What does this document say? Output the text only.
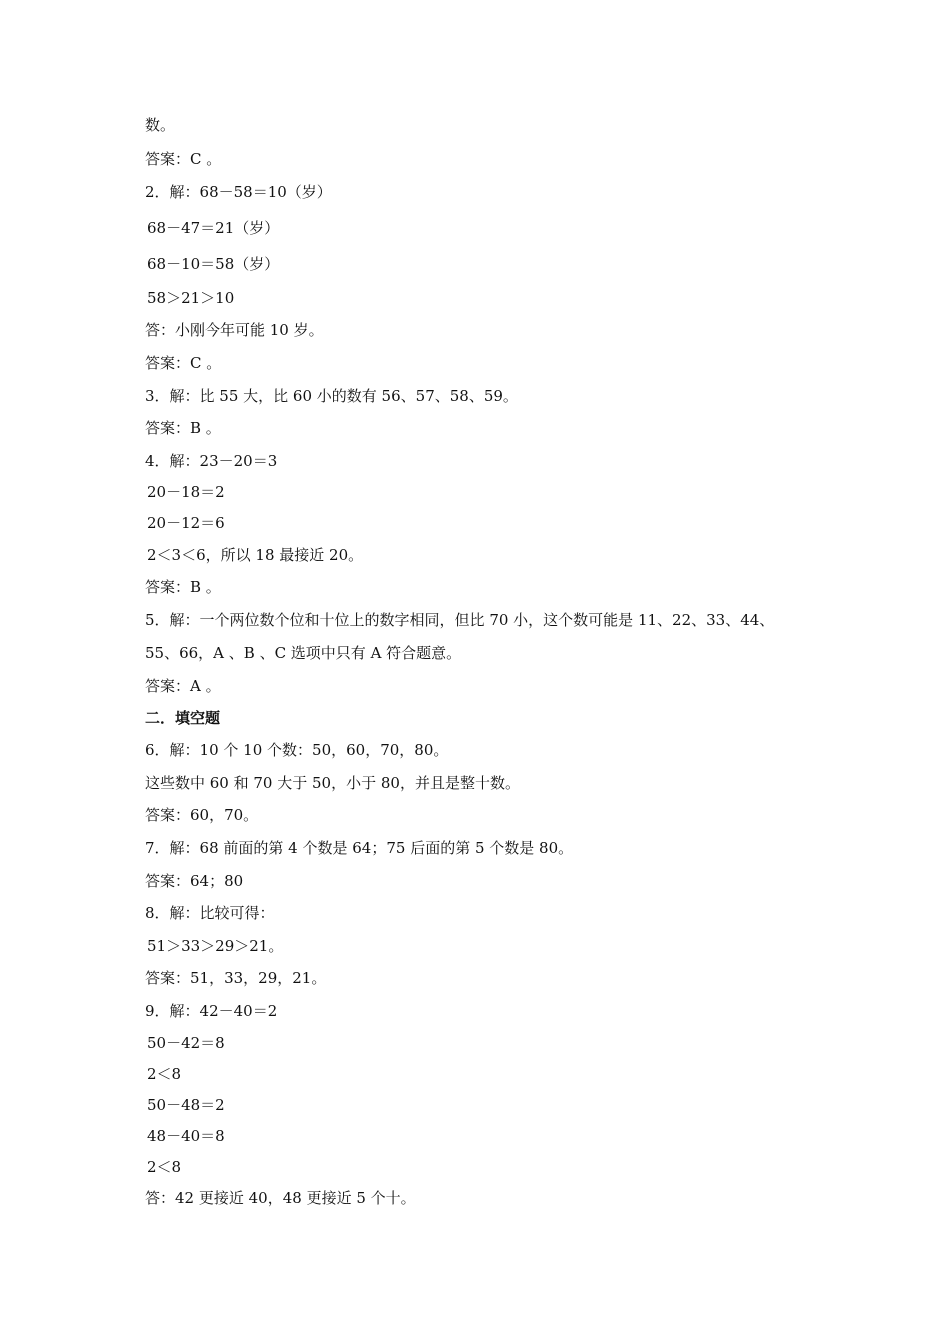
数。
答案：C 。
2．解：68－58＝10（岁）
68－47＝21（岁）
68－10＝58（岁）
58＞21＞10
答：小刚今年可能 10 岁。
答案：C 。
3．解：比 55 大，比 60 小的数有 56、57、58、59。
答案：B 。
4．解：23－20＝3
20－18＝2
20－12＝6
2＜3＜6，所以 18 最接近 20。
答案：B 。
5．解：一个两位数个位和十位上的数字相同，但比 70 小，这个数可能是 11、22、33、44、
55、66，A 、B 、C 选项中只有 A 符合题意。
答案：A 。
二．填空题
6．解：10 个 10 个数：50，60，70，80。
这些数中 60 和 70 大于 50，小于 80，并且是整十数。
答案：60，70。
7．解：68 前面的第 4 个数是 64；75 后面的第 5 个数是 80。
答案：64；80
8．解：比较可得：
51＞33＞29＞21。
答案：51，33，29，21。
9．解：42－40＝2
50－42＝8
2＜8
50－48＝2
48－40＝8
2＜8
答：42 更接近 40，48 更接近 5 个十。
